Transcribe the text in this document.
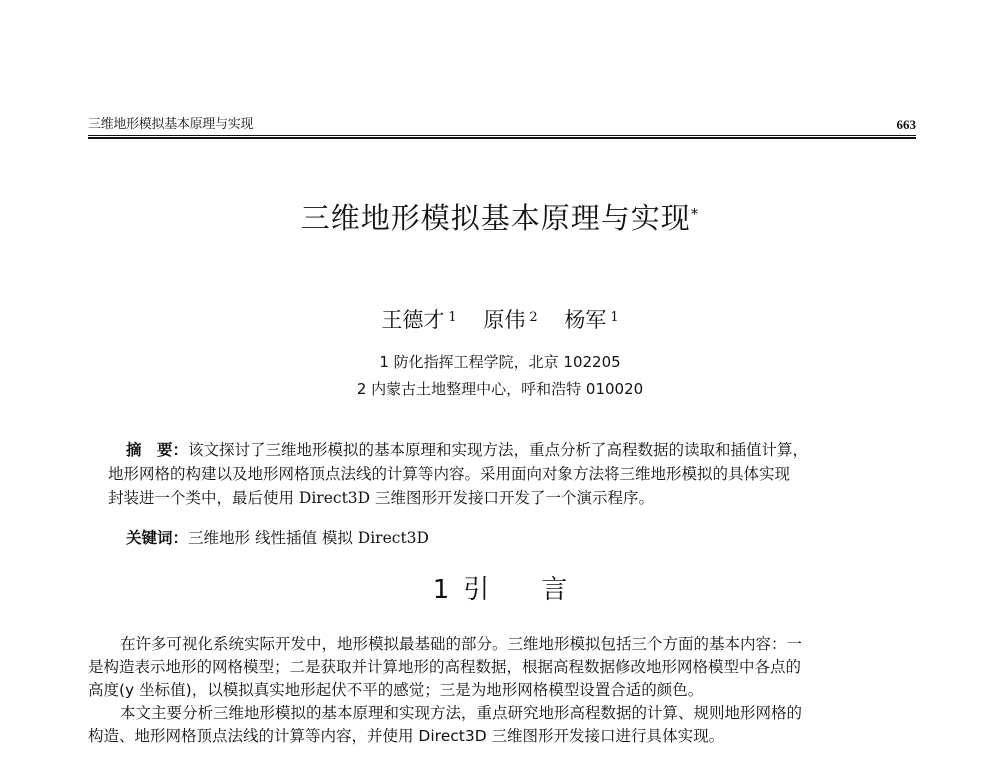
三维地形模拟基本原理与实现	663
三维地形模拟基本原理与实现*
王德才 $^1$ 原伟 $^2$ 杨军 $^1$
1 防化指挥工程学院，北京 102205
2 内蒙古土地整理中心，呼和浩特 010020
摘　要：该文探讨了三维地形模拟的基本原理和实现方法，重点分析了高程数据的读取和插值计算，
地形网格的构建以及地形网格顶点法线的计算等内容。采用面向对象方法将三维地形模拟的具体实现
封装进一个类中，最后使用 Direct3D 三维图形开发接口开发了一个演示程序。
关键词：三维地形 线性插值 模拟 Direct3D
1 引　　言
在许多可视化系统实际开发中，地形模拟最基础的部分。三维地形模拟包括三个方面的基本内容：一
是构造表示地形的网格模型；二是获取并计算地形的高程数据，根据高程数据修改地形网格模型中各点的
高度(y 坐标值)，以模拟真实地形起伏不平的感觉；三是为地形网格模型设置合适的颜色。
本文主要分析三维地形模拟的基本原理和实现方法，重点研究地形高程数据的计算、规则地形网格的
构造、地形网格顶点法线的计算等内容，并使用 Direct3D 三维图形开发接口进行具体实现。
